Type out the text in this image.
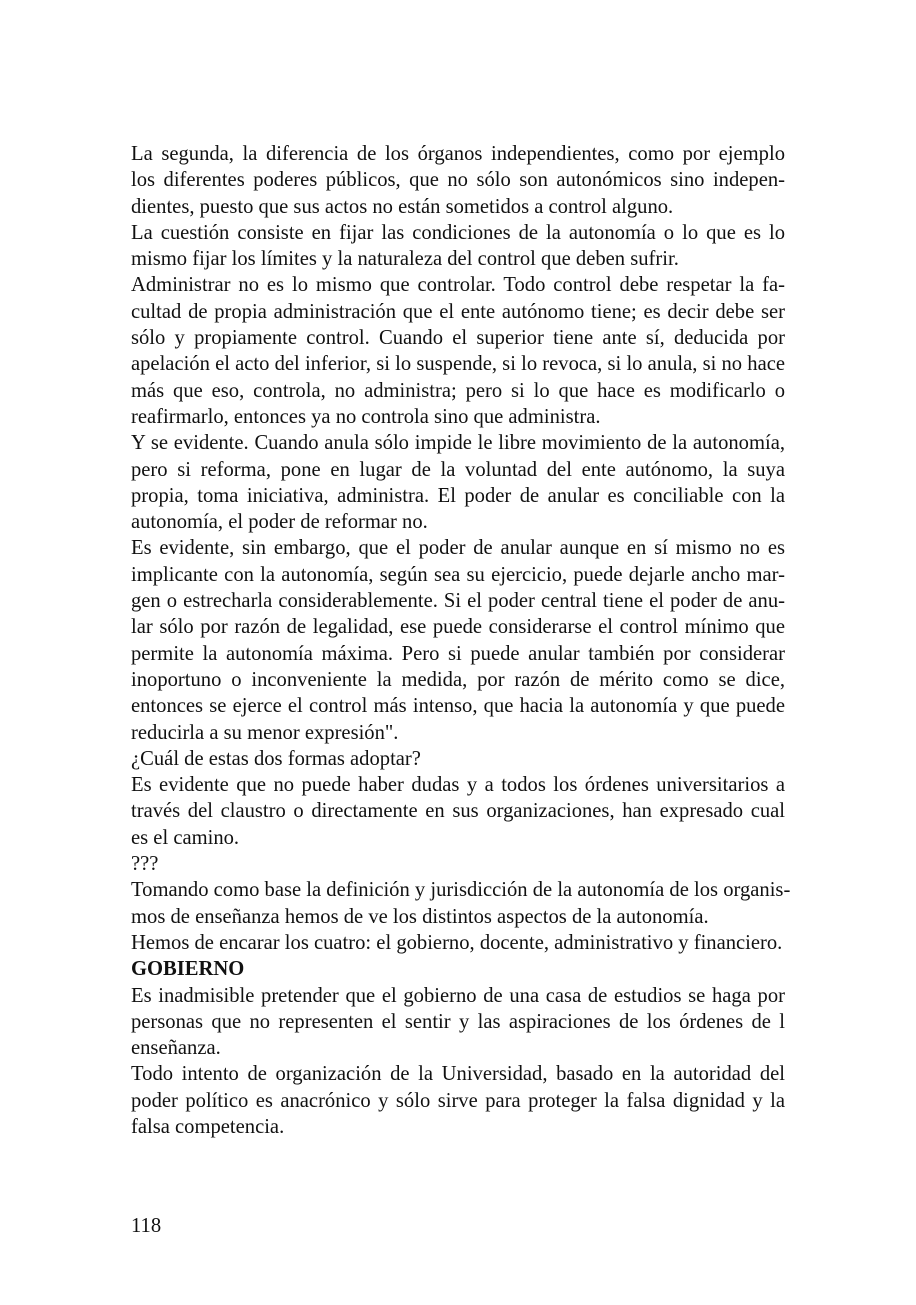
La segunda, la diferencia de los órganos independientes, como por ejemplo
los diferentes poderes públicos, que no sólo son autonómicos sino indepen-
dientes, puesto que sus actos no están sometidos a control alguno.
La cuestión consiste en fijar las condiciones de la autonomía o lo que es lo
mismo fijar los límites y la naturaleza del control que deben sufrir.
Administrar no es lo mismo que controlar. Todo control debe respetar la fa-
cultad de propia administración que el ente autónomo tiene; es decir debe ser
sólo y propiamente control. Cuando el superior tiene ante sí, deducida por
apelación el acto del inferior, si lo suspende, si lo revoca, si lo anula, si no hace
más que eso, controla, no administra; pero si lo que hace es modificarlo o
reafirmarlo, entonces ya no controla sino que administra.
Y se evidente. Cuando anula sólo impide le libre movimiento de la autonomía,
pero si reforma, pone en lugar de la voluntad del ente autónomo, la suya
propia, toma iniciativa, administra. El poder de anular es conciliable con la
autonomía, el poder de reformar no.
Es evidente, sin embargo, que el poder de anular aunque en sí mismo no es
implicante con la autonomía, según sea su ejercicio, puede dejarle ancho mar-
gen o estrecharla considerablemente. Si el poder central tiene el poder de anu-
lar sólo por razón de legalidad, ese puede considerarse el control mínimo que
permite la autonomía máxima. Pero si puede anular también por considerar
inoportuno o inconveniente la medida, por razón de mérito como se dice,
entonces se ejerce el control más intenso, que hacia la autonomía y que puede
reducirla a su menor expresión".
¿Cuál de estas dos formas adoptar?
Es evidente que no puede haber dudas y a todos los órdenes universitarios a
través del claustro o directamente en sus organizaciones, han expresado cual
es el camino.
???
Tomando como base la definición y jurisdicción de la autonomía de los organis-
mos de enseñanza hemos de ve los distintos aspectos de la autonomía.
Hemos de encarar los cuatro: el gobierno, docente, administrativo y financiero.
GOBIERNO
Es inadmisible pretender que el gobierno de una casa de estudios se haga por
personas que no representen el sentir y las aspiraciones de los órdenes de l
enseñanza.
Todo intento de organización de la Universidad, basado en la autoridad del
poder político es anacrónico y sólo sirve para proteger la falsa dignidad y la
falsa competencia.
118
